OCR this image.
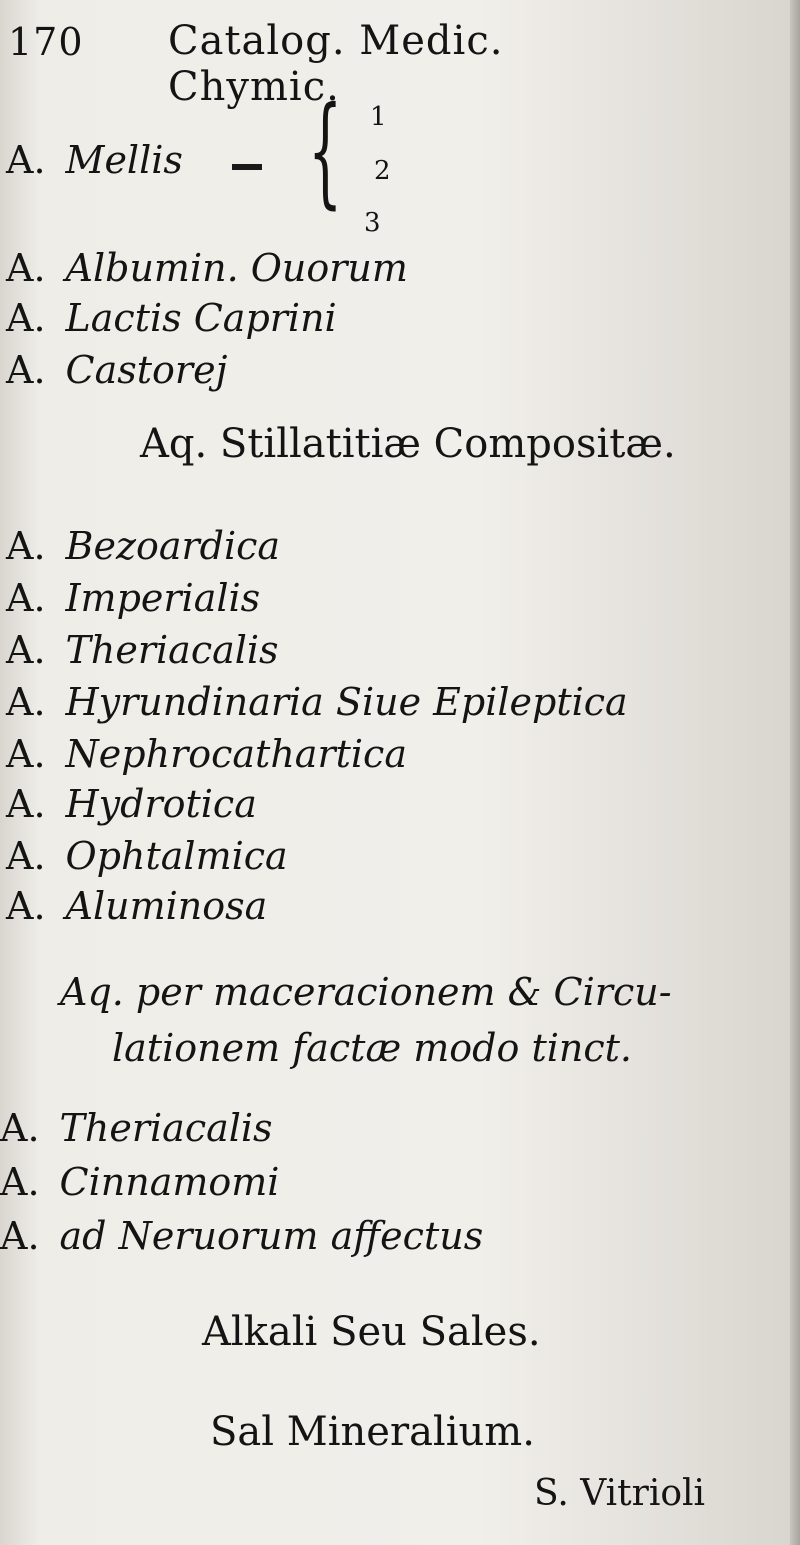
170 Catalog. Medic. Chymic.
A. Mellis { 1
2
3
A. Albumin. Ouorum
A. Lactis Caprini
A. Castorej
Aq. Stillatitiæ Compositæ.
A. Bezoardica
A. Imperialis
A. Theriacalis
A. Hyrundinaria Siue Epileptica
A. Nephrocathartica
A. Hydrotica
A. Ophtalmica
A. Aluminosa
Aq. per maceracionem & Circu-
lationem factæ modo tinct.
A. Theriacalis
A. Cinnamomi
A. ad Neruorum affectus
Alkali Seu Sales.
Sal Mineralium.
S. Vitrioli
